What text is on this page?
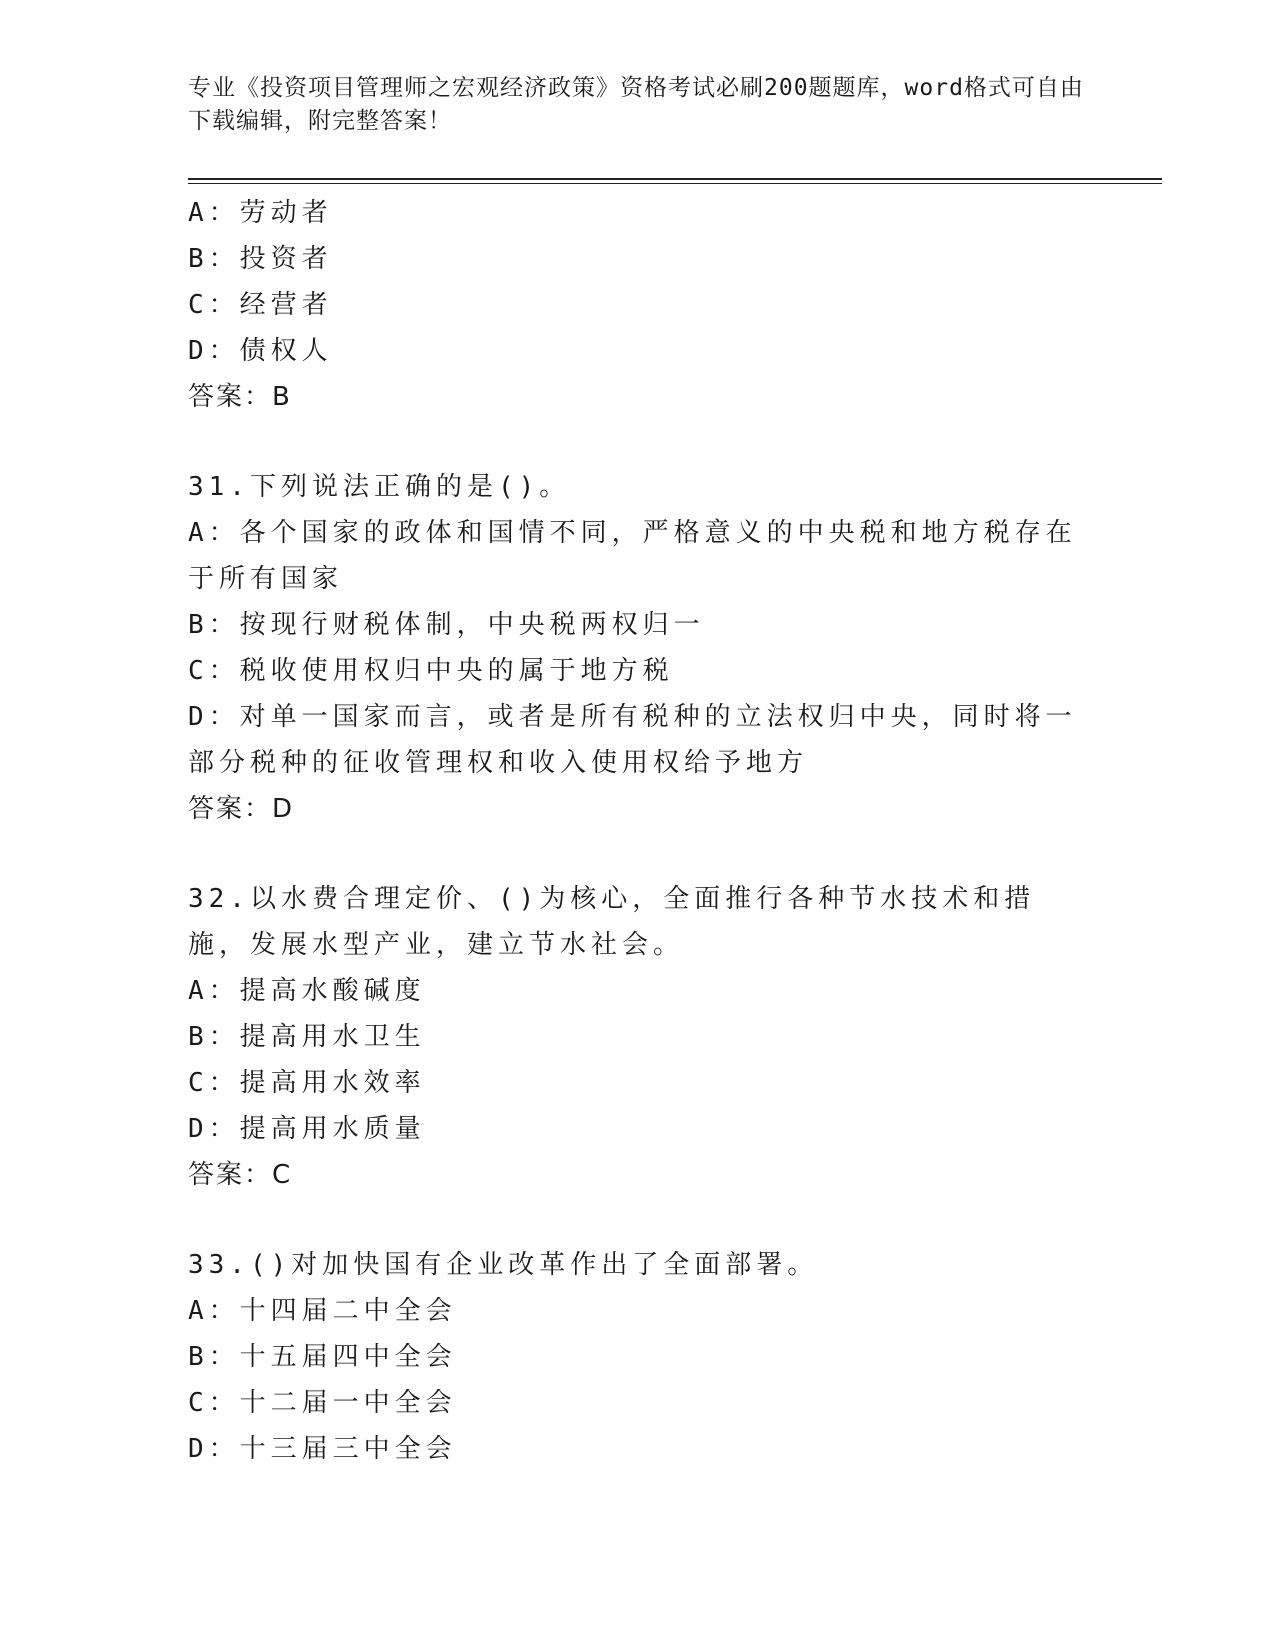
专业《投资项目管理师之宏观经济政策》资格考试必刷200题题库，word格式可自由下载编辑，附完整答案！
A：劳动者
B：投资者
C：经营者
D：债权人
答案：B
31.下列说法正确的是()。
A：各个国家的政体和国情不同，严格意义的中央税和地方税存在于所有国家
B：按现行财税体制，中央税两权归一
C：税收使用权归中央的属于地方税
D：对单一国家而言，或者是所有税种的立法权归中央，同时将一部分税种的征收管理权和收入使用权给予地方
答案：D
32.以水费合理定价、()为核心，全面推行各种节水技术和措施，发展水型产业，建立节水社会。
A：提高水酸碱度
B：提高用水卫生
C：提高用水效率
D：提高用水质量
答案：C
33.()对加快国有企业改革作出了全面部署。
A：十四届二中全会
B：十五届四中全会
C：十二届一中全会
D：十三届三中全会
